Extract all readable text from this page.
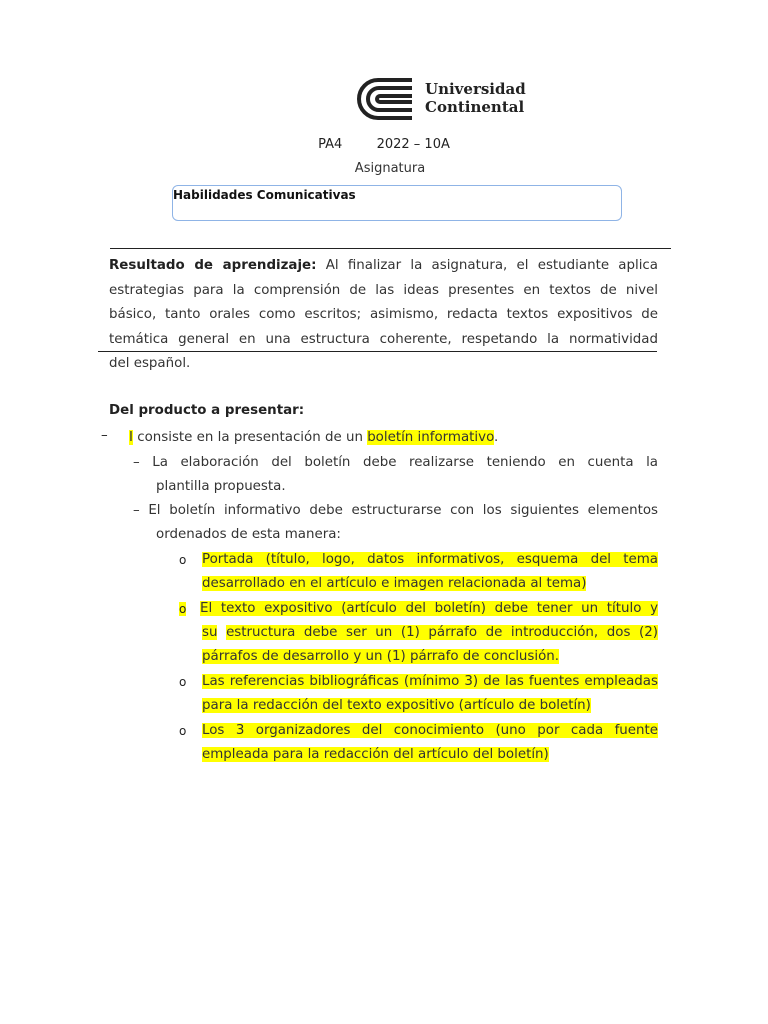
Universidad
Continental
PA4	2022 – 10A
Asignatura
Habilidades Comunicativas
Resultado de aprendizaje: Al finalizar la asignatura, el estudiante aplica
estrategias para la comprensión de las ideas presentes en textos de nivel
básico, tanto orales como escritos; asimismo, redacta textos expositivos de
temática general en una estructura coherente, respetando la normatividad
del español.
Del producto a presentar:
– I consiste en la presentación de un boletín informativo.
– La elaboración del boletín debe realizarse teniendo en cuenta la
plantilla propuesta.
– El boletín informativo debe estructurarse con los siguientes elementos
ordenados de esta manera:
o Portada (título, logo, datos informativos, esquema del tema
desarrollado en el artículo e imagen relacionada al tema)
o El texto expositivo (artículo del boletín) debe tener un título y
su estructura debe ser un (1) párrafo de introducción, dos (2)
párrafos de desarrollo y un (1) párrafo de conclusión.
o Las referencias bibliográficas (mínimo 3) de las fuentes empleadas
para la redacción del texto expositivo (artículo de boletín)
o Los 3 organizadores del conocimiento (uno por cada fuente
empleada para la redacción del artículo del boletín)
